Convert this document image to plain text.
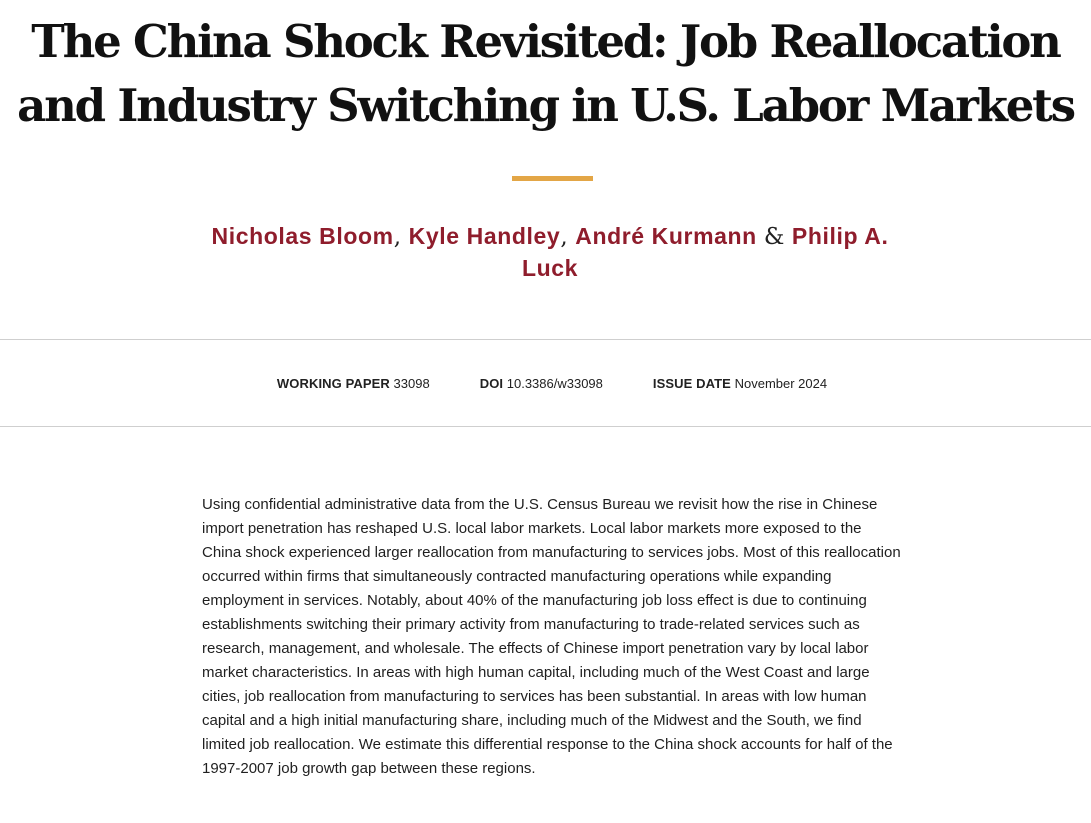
The China Shock Revisited: Job Reallocation and Industry Switching in U.S. Labor Markets
Nicholas Bloom, Kyle Handley, André Kurmann & Philip A. Luck
WORKING PAPER 33098	DOI 10.3386/w33098	ISSUE DATE November 2024

Using confidential administrative data from the U.S. Census Bureau we revisit how the rise in Chinese import penetration has reshaped U.S. local labor markets. Local labor markets more exposed to the China shock experienced larger reallocation from manufacturing to services jobs. Most of this reallocation occurred within firms that simultaneously contracted manufacturing operations while expanding employment in services. Notably, about 40% of the manufacturing job loss effect is due to continuing establishments switching their primary activity from manufacturing to trade-related services such as research, management, and wholesale. The effects of Chinese import penetration vary by local labor market characteristics. In areas with high human capital, including much of the West Coast and large cities, job reallocation from manufacturing to services has been substantial. In areas with low human capital and a high initial manufacturing share, including much of the Midwest and the South, we find limited job reallocation. We estimate this differential response to the China shock accounts for half of the 1997-2007 job growth gap between these regions.
